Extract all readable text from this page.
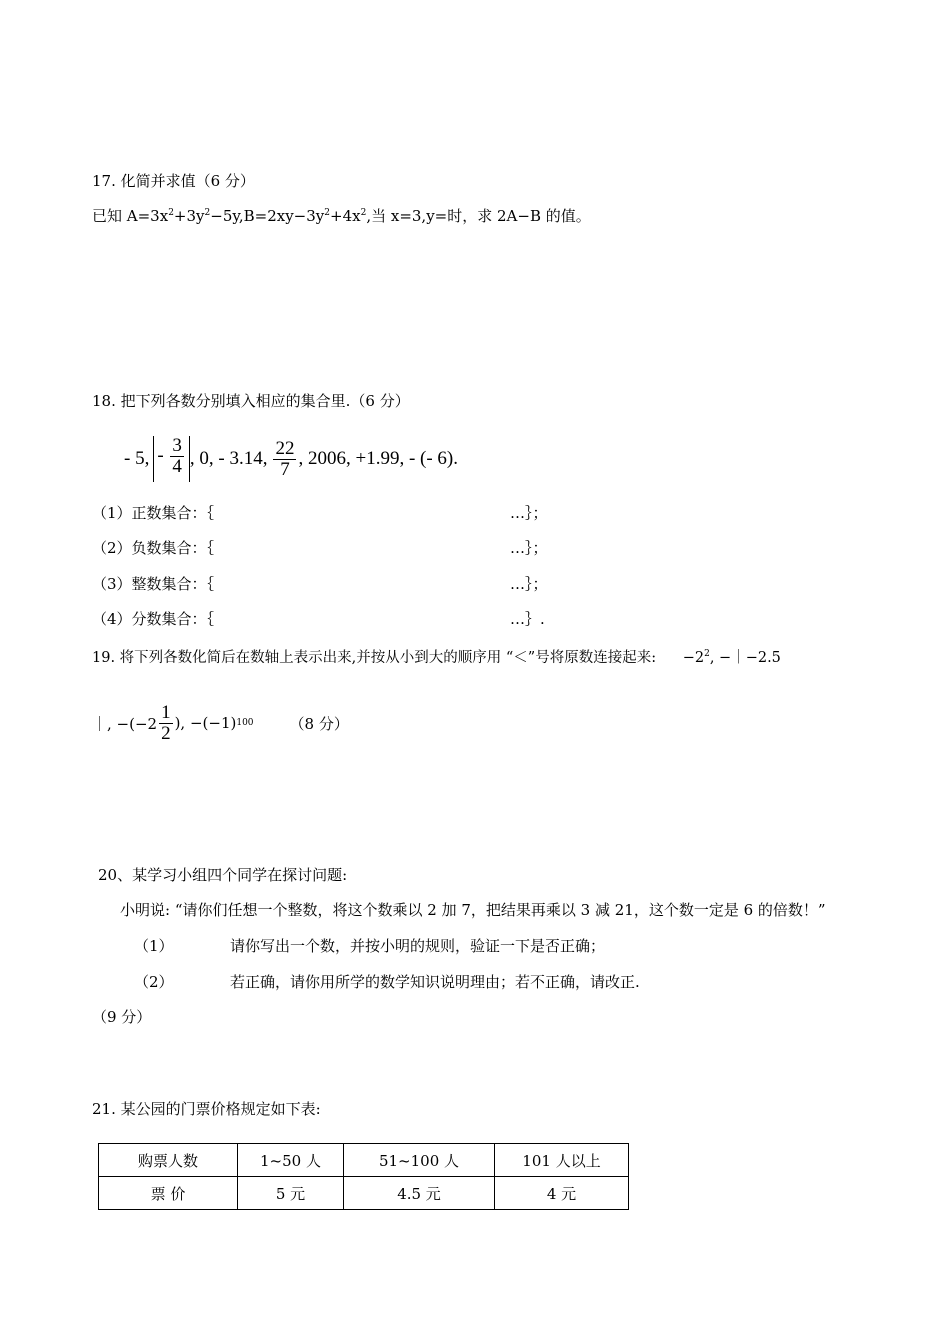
17. 化简并求值（6 分）
已知 $A=3x^2+3y^2-5y,B=2xy-3y^2+4x^2$,当 x=3,y=时，求 2A−B 的值。
18. 把下列各数分别填入相应的集合里.（6 分）
- 5, - $\frac{3}{4}$ , 0, - 3.14, $\frac{22}{7}$ , 2006, +1.99, - (- 6).
（1）正数集合：｛	…｝；
（2）负数集合：｛	…｝；
（3）整数集合：｛	…｝；
（4）分数集合：｛	…｝.
19. 将下列各数化简后在数轴上表示出来,并按从小到大的顺序用 “＜”号将原数连接起来: $-2^2$, −｜−2.5
｜, $-(-2 \frac{1}{2}$ ), −(−1) 100 （8 分）
20、某学习小组四个同学在探讨问题:
小明说: “请你们任想一个整数，将这个数乘以 2 加 7，把结果再乘以 3 减 21，这个数一定是 6 的倍数！”
（1）	请你写出一个数，并按小明的规则，验证一下是否正确；
（2）	若正确，请你用所学的数学知识说明理由；若不正确，请改正.
（9 分）
21. 某公园的门票价格规定如下表:
购票人数	1~50 人	51~100 人	101 人以上
票 价	5 元	4.5 元	4 元
